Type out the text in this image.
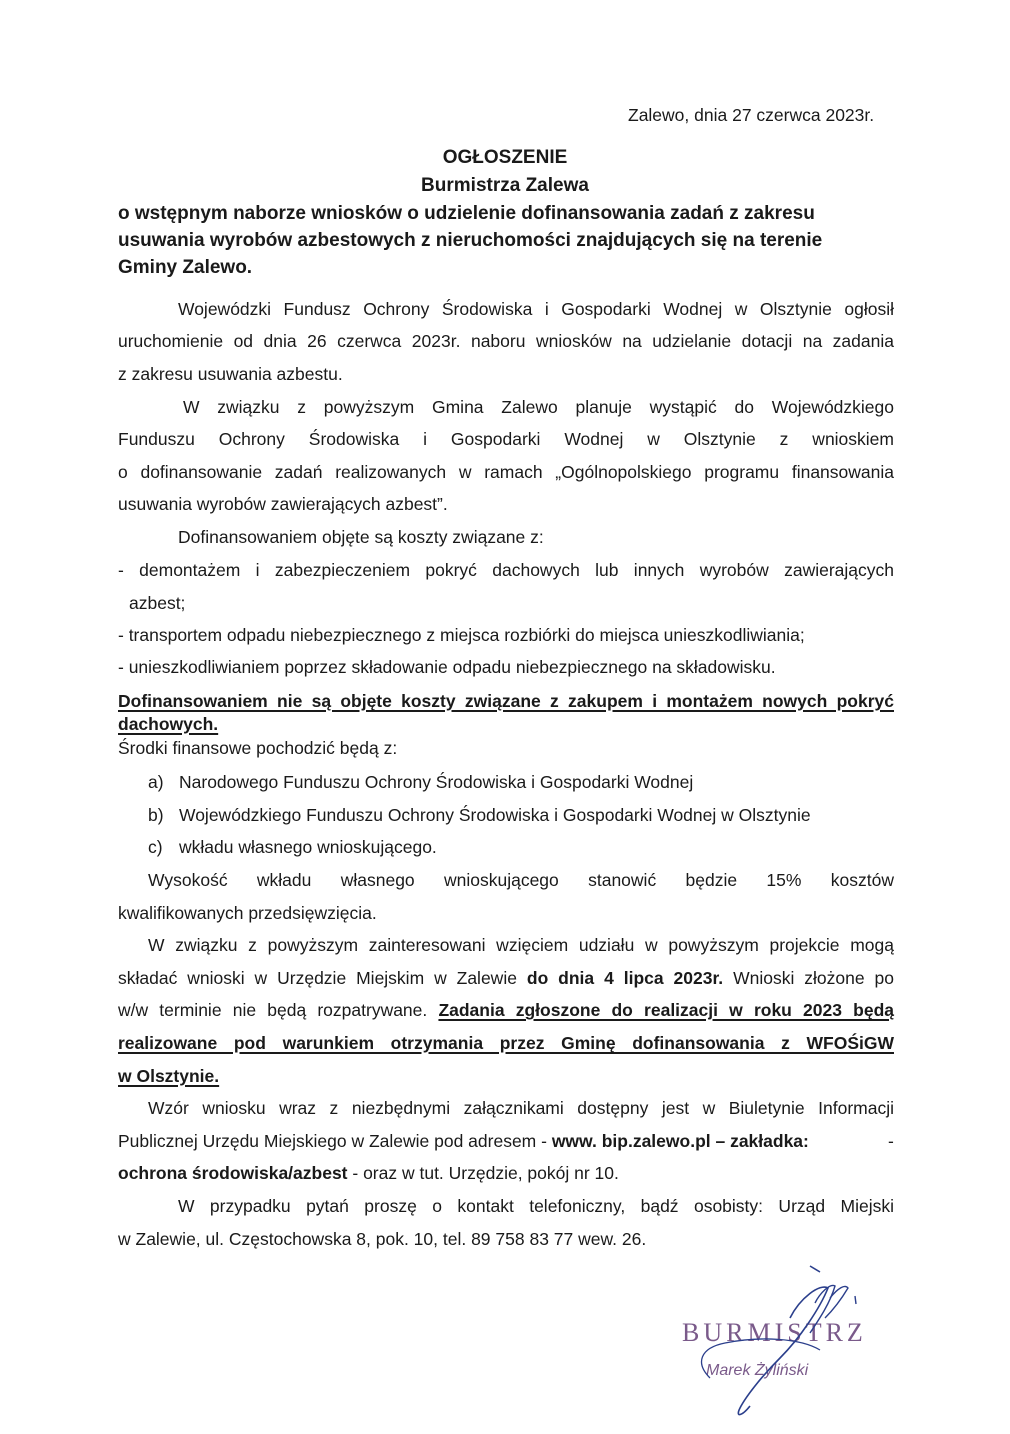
Zalewo, dnia 27 czerwca 2023r.
OGŁOSZENIE
Burmistrza Zalewa
o wstępnym naborze wniosków o udzielenie dofinansowania zadań z zakresu
usuwania wyrobów azbestowych z nieruchomości znajdujących się na terenie
Gminy Zalewo.
Wojewódzki Fundusz Ochrony Środowiska i Gospodarki Wodnej w Olsztynie ogłosił
uruchomienie od dnia 26 czerwca 2023r. naboru wniosków na udzielanie dotacji na zadania
z zakresu usuwania azbestu.
W związku z powyższym Gmina Zalewo planuje wystąpić do Wojewódzkiego
Funduszu Ochrony Środowiska i Gospodarki Wodnej w Olsztynie z wnioskiem
o dofinansowanie zadań realizowanych w ramach „Ogólnopolskiego programu finansowania
usuwania wyrobów zawierających azbest”.
Dofinansowaniem objęte są koszty związane z:
- demontażem i zabezpieczeniem pokryć dachowych lub innych wyrobów zawierających
azbest;
- transportem odpadu niebezpiecznego z miejsca rozbiórki do miejsca unieszkodliwiania;
- unieszkodliwianiem poprzez składowanie odpadu niebezpiecznego na składowisku.
Dofinansowaniem nie są objęte koszty związane z zakupem i montażem nowych pokryć
dachowych.
Środki finansowe pochodzić będą z:
a) Narodowego Funduszu Ochrony Środowiska i Gospodarki Wodnej
b) Wojewódzkiego Funduszu Ochrony Środowiska i Gospodarki Wodnej w Olsztynie
c) wkładu własnego wnioskującego.
Wysokość wkładu własnego wnioskującego stanowić będzie 15% kosztów
kwalifikowanych przedsięwzięcia.
W związku z powyższym zainteresowani wzięciem udziału w powyższym projekcie mogą
składać wnioski w Urzędzie Miejskim w Zalewie do dnia 4 lipca 2023r. Wnioski złożone po
w/w terminie nie będą rozpatrywane. Zadania zgłoszone do realizacji w roku 2023 będą
realizowane pod warunkiem otrzymania przez Gminę dofinansowania z WFOŚiGW
w Olsztynie.
Wzór wniosku wraz z niezbędnymi załącznikami dostępny jest w Biuletynie Informacji
Publicznej Urzędu Miejskiego w Zalewie pod adresem - www. bip.zalewo.pl – zakładka:	-
ochrona środowiska/azbest - oraz w tut. Urzędzie, pokój nr 10.
W przypadku pytań proszę o kontakt telefoniczny, bądź osobisty: Urząd Miejski
w Zalewie, ul. Częstochowska 8, pok. 10, tel. 89 758 83 77 wew. 26.
BURMISTRZ
Marek Żyliński
